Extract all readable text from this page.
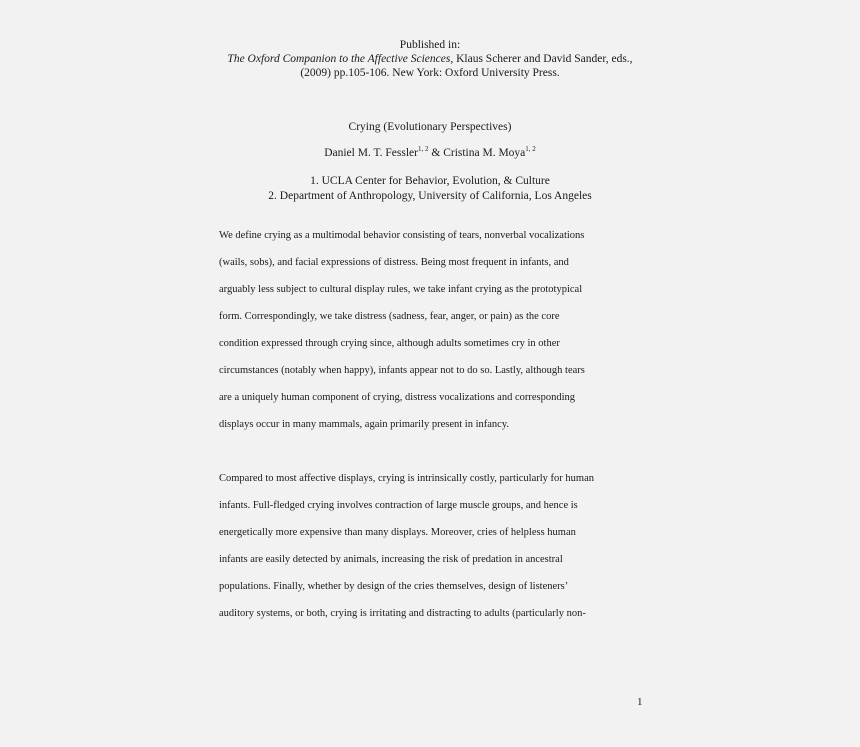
Published in:
The Oxford Companion to the Affective Sciences, Klaus Scherer and David Sander, eds.,
(2009) pp.105-106. New York: Oxford University Press.
Crying (Evolutionary Perspectives)
Daniel M. T. Fessler$^{1, 2}$ & Cristina M. Moya$^{1, 2}$
1. UCLA Center for Behavior, Evolution, & Culture
2. Department of Anthropology, University of California, Los Angeles
We define crying as a multimodal behavior consisting of tears, nonverbal vocalizations
(wails, sobs), and facial expressions of distress. Being most frequent in infants, and
arguably less subject to cultural display rules, we take infant crying as the prototypical
form. Correspondingly, we take distress (sadness, fear, anger, or pain) as the core
condition expressed through crying since, although adults sometimes cry in other
circumstances (notably when happy), infants appear not to do so. Lastly, although tears
are a uniquely human component of crying, distress vocalizations and corresponding
displays occur in many mammals, again primarily present in infancy.
Compared to most affective displays, crying is intrinsically costly, particularly for human
infants. Full-fledged crying involves contraction of large muscle groups, and hence is
energetically more expensive than many displays. Moreover, cries of helpless human
infants are easily detected by animals, increasing the risk of predation in ancestral
populations. Finally, whether by design of the cries themselves, design of listeners’
auditory systems, or both, crying is irritating and distracting to adults (particularly non-
1
